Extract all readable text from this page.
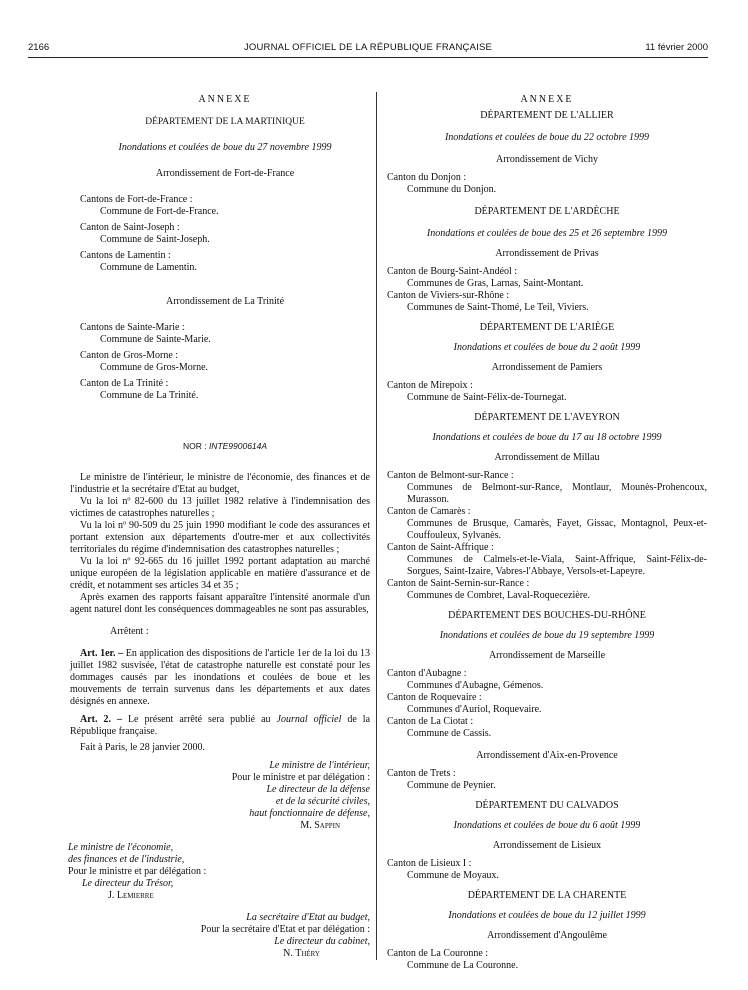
2166	JOURNAL OFFICIEL DE LA RÉPUBLIQUE FRANÇAISE	11 février 2000
ANNEXE
DÉPARTEMENT DE LA MARTINIQUE
Inondations et coulées de boue du 27 novembre 1999
Arrondissement de Fort-de-France
Cantons de Fort-de-France :
Commune de Fort-de-France.
Canton de Saint-Joseph :
Commune de Saint-Joseph.
Cantons de Lamentin :
Commune de Lamentin.
Arrondissement de La Trinité
Cantons de Sainte-Marie :
Commune de Sainte-Marie.
Canton de Gros-Morne :
Commune de Gros-Morne.
Canton de La Trinité :
Commune de La Trinité.
NOR : INTE9900614A
Le ministre de l'intérieur, le ministre de l'économie, des finances et de l'industrie et la secrétaire d'Etat au budget,
Vu la loi nº 82-600 du 13 juillet 1982 relative à l'indemnisation des victimes de catastrophes naturelles ;
Vu la loi nº 90-509 du 25 juin 1990 modifiant le code des assurances et portant extension aux départements d'outre-mer et aux collectivités territoriales du régime d'indemnisation des catastrophes naturelles ;
Vu la loi nº 92-665 du 16 juillet 1992 portant adaptation au marché unique européen de la législation applicable en matière d'assurance et de crédit, et notamment ses articles 34 et 35 ;
Après examen des rapports faisant apparaître l'intensité anormale d'un agent naturel dont les conséquences dommageables ne sont pas assurables,
Arrêtent :
Art. 1er. – En application des dispositions de l'article 1er de la loi du 13 juillet 1982 susvisée, l'état de catastrophe naturelle est constaté pour les dommages causés par les inondations et coulées de boue et les mouvements de terrain survenus dans les départements et aux dates désignés en annexe.
Art. 2. – Le présent arrêté sera publié au Journal officiel de la République française.
Fait à Paris, le 28 janvier 2000.
Le ministre de l'intérieur,
Pour le ministre et par délégation :
Le directeur de la défense
et de la sécurité civiles,
haut fonctionnaire de défense,
M. Sappin
Le ministre de l'économie,
des finances et de l'industrie,
Pour le ministre et par délégation :
Le directeur du Trésor,
J. Lemierre
La secrétaire d'Etat au budget,
Pour la secrétaire d'Etat et par délégation :
Le directeur du cabinet,
N. Théry
ANNEXE
DÉPARTEMENT DE L'ALLIER
Inondations et coulées de boue du 22 octobre 1999
Arrondissement de Vichy
Canton du Donjon :
Commune du Donjon.
DÉPARTEMENT DE L'ARDÈCHE
Inondations et coulées de boue des 25 et 26 septembre 1999
Arrondissement de Privas
Canton de Bourg-Saint-Andéol :
Communes de Gras, Larnas, Saint-Montant.
Canton de Viviers-sur-Rhône :
Communes de Saint-Thomé, Le Teil, Viviers.
DÉPARTEMENT DE L'ARIÈGE
Inondations et coulées de boue du 2 août 1999
Arrondissement de Pamiers
Canton de Mirepoix :
Commune de Saint-Félix-de-Tournegat.
DÉPARTEMENT DE L'AVEYRON
Inondations et coulées de boue du 17 au 18 octobre 1999
Arrondissement de Millau
Canton de Belmont-sur-Rance :
Communes de Belmont-sur-Rance, Montlaur, Mounès-Prohencoux, Murasson.
Canton de Camarès :
Communes de Brusque, Camarès, Fayet, Gissac, Montagnol, Peux-et-Couffouleux, Sylvanès.
Canton de Saint-Affrique :
Communes de Calmels-et-le-Viala, Saint-Affrique, Saint-Félix-de-Sorgues, Saint-Izaire, Vabres-l'Abbaye, Versols-et-Lapeyre.
Canton de Saint-Sernin-sur-Rance :
Communes de Combret, Laval-Roquecezière.
DÉPARTEMENT DES BOUCHES-DU-RHÔNE
Inondations et coulées de boue du 19 septembre 1999
Arrondissement de Marseille
Canton d'Aubagne :
Communes d'Aubagne, Gémenos.
Canton de Roquevaire :
Communes d'Auriol, Roquevaire.
Canton de La Ciotat :
Commune de Cassis.
Arrondissement d'Aix-en-Provence
Canton de Trets :
Commune de Peynier.
DÉPARTEMENT DU CALVADOS
Inondations et coulées de boue du 6 août 1999
Arrondissement de Lisieux
Canton de Lisieux I :
Commune de Moyaux.
DÉPARTEMENT DE LA CHARENTE
Inondations et coulées de boue du 12 juillet 1999
Arrondissement d'Angoulême
Canton de La Couronne :
Commune de La Couronne.
